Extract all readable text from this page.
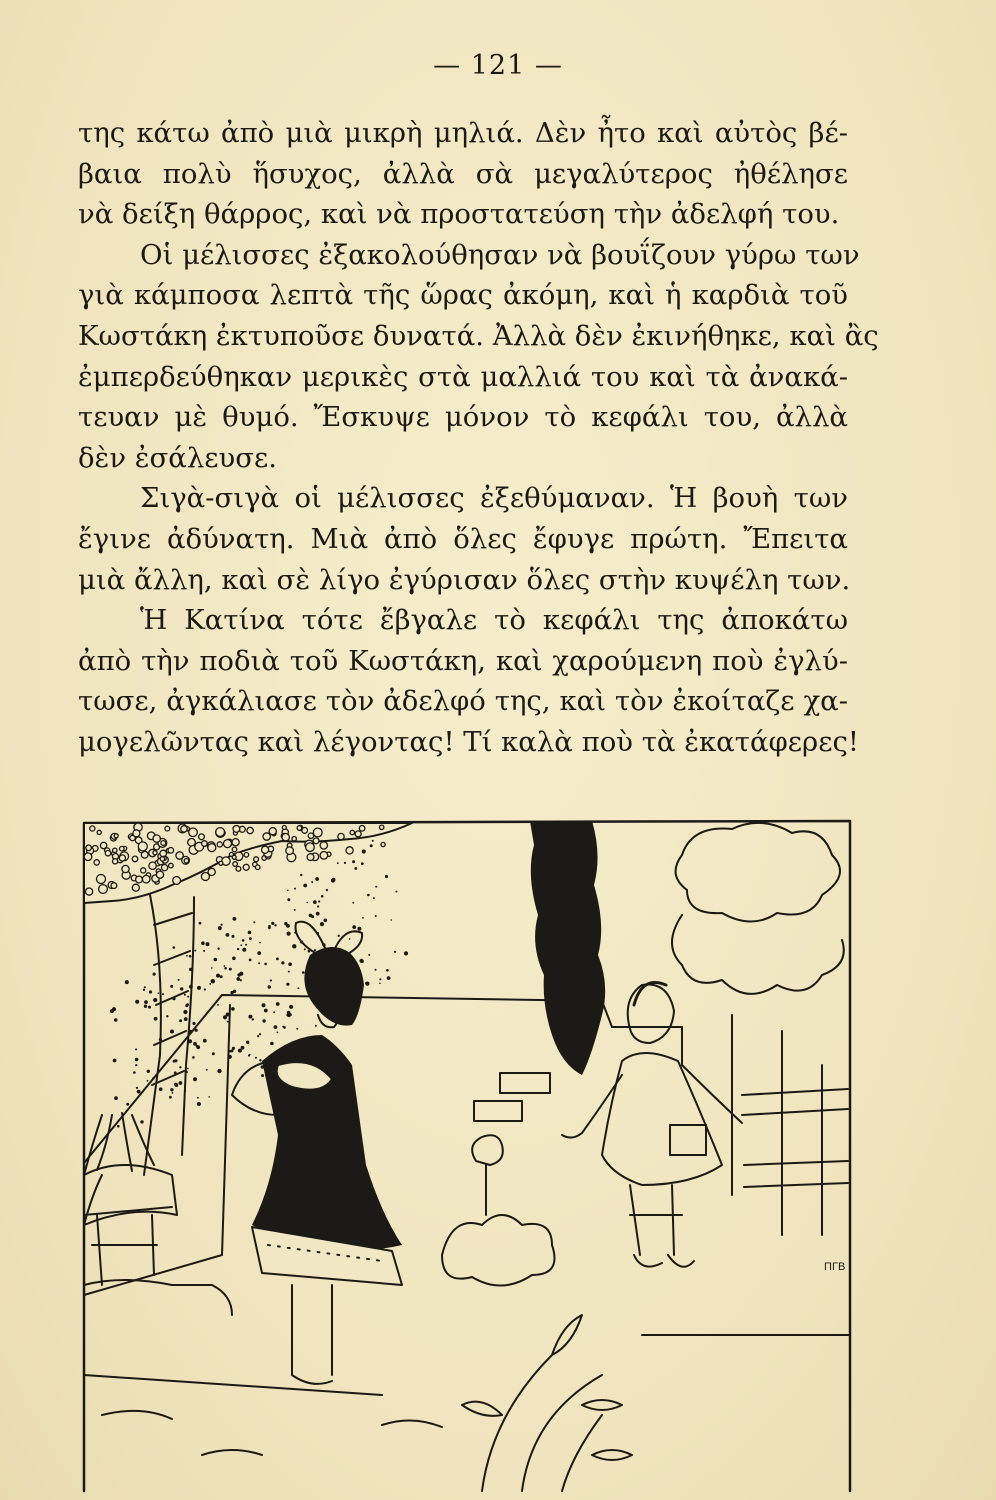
— 121 —
της κάτω ἀπὸ μιὰ μικρὴ μηλιά. Δὲν ἦτο καὶ αὐτὸς βέ-
βαια πολὺ ἥσυχος, ἀλλὰ σὰ μεγαλύτερος ἠθέλησε
νὰ δείξη θάρρος, καὶ νὰ προστατεύση τὴν ἀδελφή του.
Οἱ μέλισσες ἐξακολούθησαν νὰ βουΐζουν γύρω των
γιὰ κάμποσα λεπτὰ τῆς ὥρας ἀκόμη, καὶ ἡ καρδιὰ τοῦ
Κωστάκη ἐκτυποῦσε δυνατά. Ἀλλὰ δὲν ἐκινήθηκε, καὶ ἂς
ἐμπερδεύθηκαν μερικὲς στὰ μαλλιά του καὶ τὰ ἀνακά-
τευαν μὲ θυμό. Ἔσκυψε μόνον τὸ κεφάλι του, ἀλλὰ
δὲν ἐσάλευσε.
Σιγὰ-σιγὰ οἱ μέλισσες ἐξεθύμαναν. Ἡ βουὴ των
ἔγινε ἀδύνατη. Μιὰ ἀπὸ ὅλες ἔφυγε πρώτη. Ἔπειτα
μιὰ ἄλλη, καὶ σὲ λίγο ἐγύρισαν ὅλες στὴν κυψέλη των.
Ἡ Κατίνα τότε ἔβγαλε τὸ κεφάλι της ἀποκάτω
ἀπὸ τὴν ποδιὰ τοῦ Κωστάκη, καὶ χαρούμενη ποὺ ἐγλύ-
τωσε, ἀγκάλιασε τὸν ἀδελφό της, καὶ τὸν ἐκοίταζε χα-
μογελῶντας καὶ λέγοντας! Τί καλὰ ποὺ τὰ ἐκατάφερες!
ΠΓΒ
